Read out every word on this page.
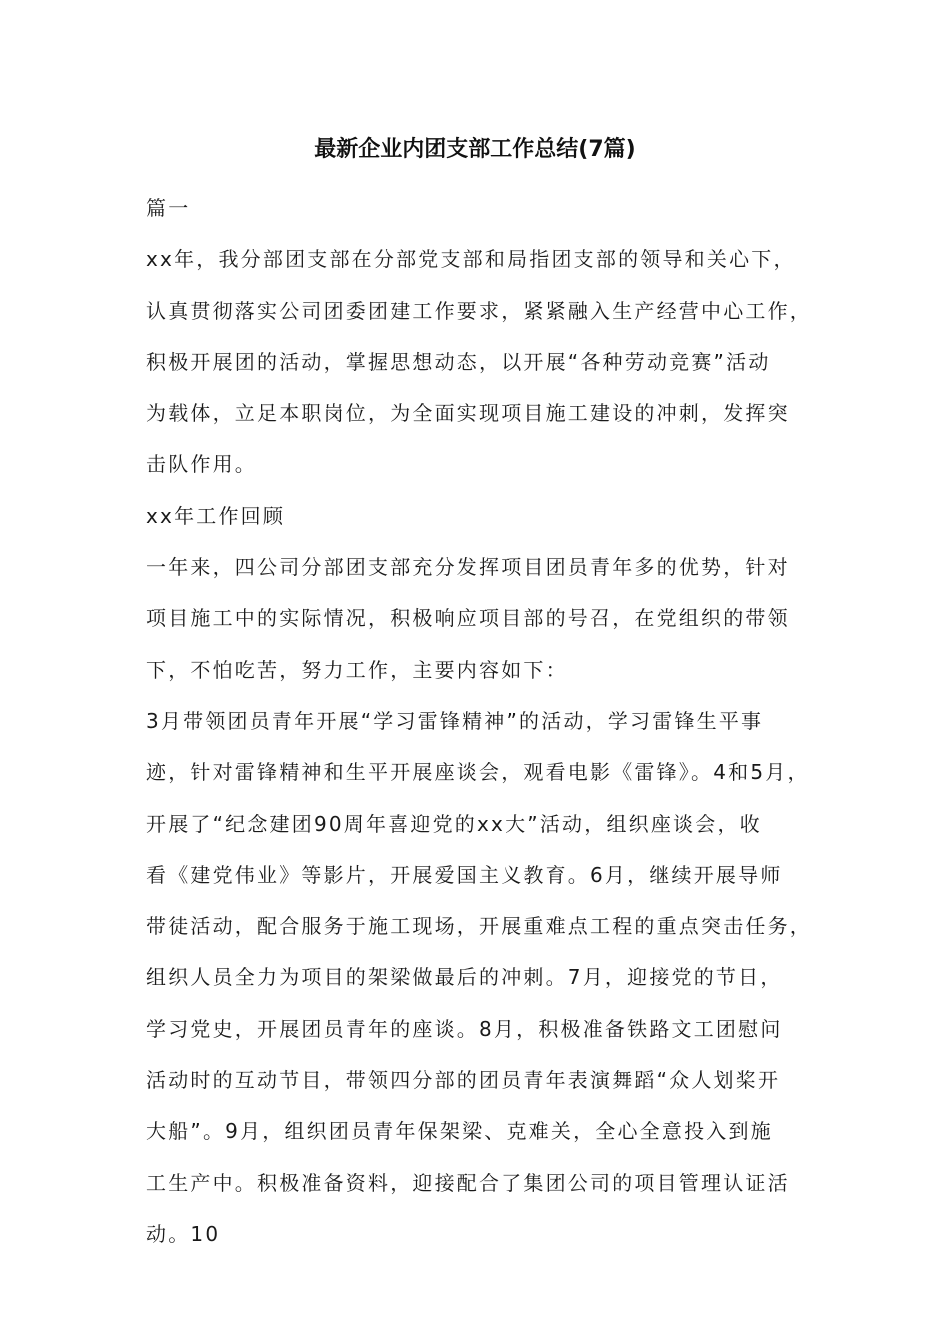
最新企业内团支部工作总结(7篇)
篇一
xx年，我分部团支部在分部党支部和局指团支部的领导和关心下，
认真贯彻落实公司团委团建工作要求，紧紧融入生产经营中心工作，
积极开展团的活动，掌握思想动态，以开展“各种劳动竞赛”活动
为载体，立足本职岗位，为全面实现项目施工建设的冲刺，发挥突
击队作用。
xx年工作回顾
一年来，四公司分部团支部充分发挥项目团员青年多的优势，针对
项目施工中的实际情况，积极响应项目部的号召，在党组织的带领
下，不怕吃苦，努力工作，主要内容如下：
3月带领团员青年开展“学习雷锋精神”的活动，学习雷锋生平事
迹，针对雷锋精神和生平开展座谈会，观看电影《雷锋》。4和5月，
开展了“纪念建团90周年喜迎党的xx大”活动，组织座谈会，收
看《建党伟业》等影片，开展爱国主义教育。6月，继续开展导师
带徒活动，配合服务于施工现场，开展重难点工程的重点突击任务，
组织人员全力为项目的架梁做最后的冲刺。7月，迎接党的节日，
学习党史，开展团员青年的座谈。8月，积极准备铁路文工团慰问
活动时的互动节目，带领四分部的团员青年表演舞蹈“众人划桨开
大船”。9月，组织团员青年保架梁、克难关，全心全意投入到施
工生产中。积极准备资料，迎接配合了集团公司的项目管理认证活
动。10
